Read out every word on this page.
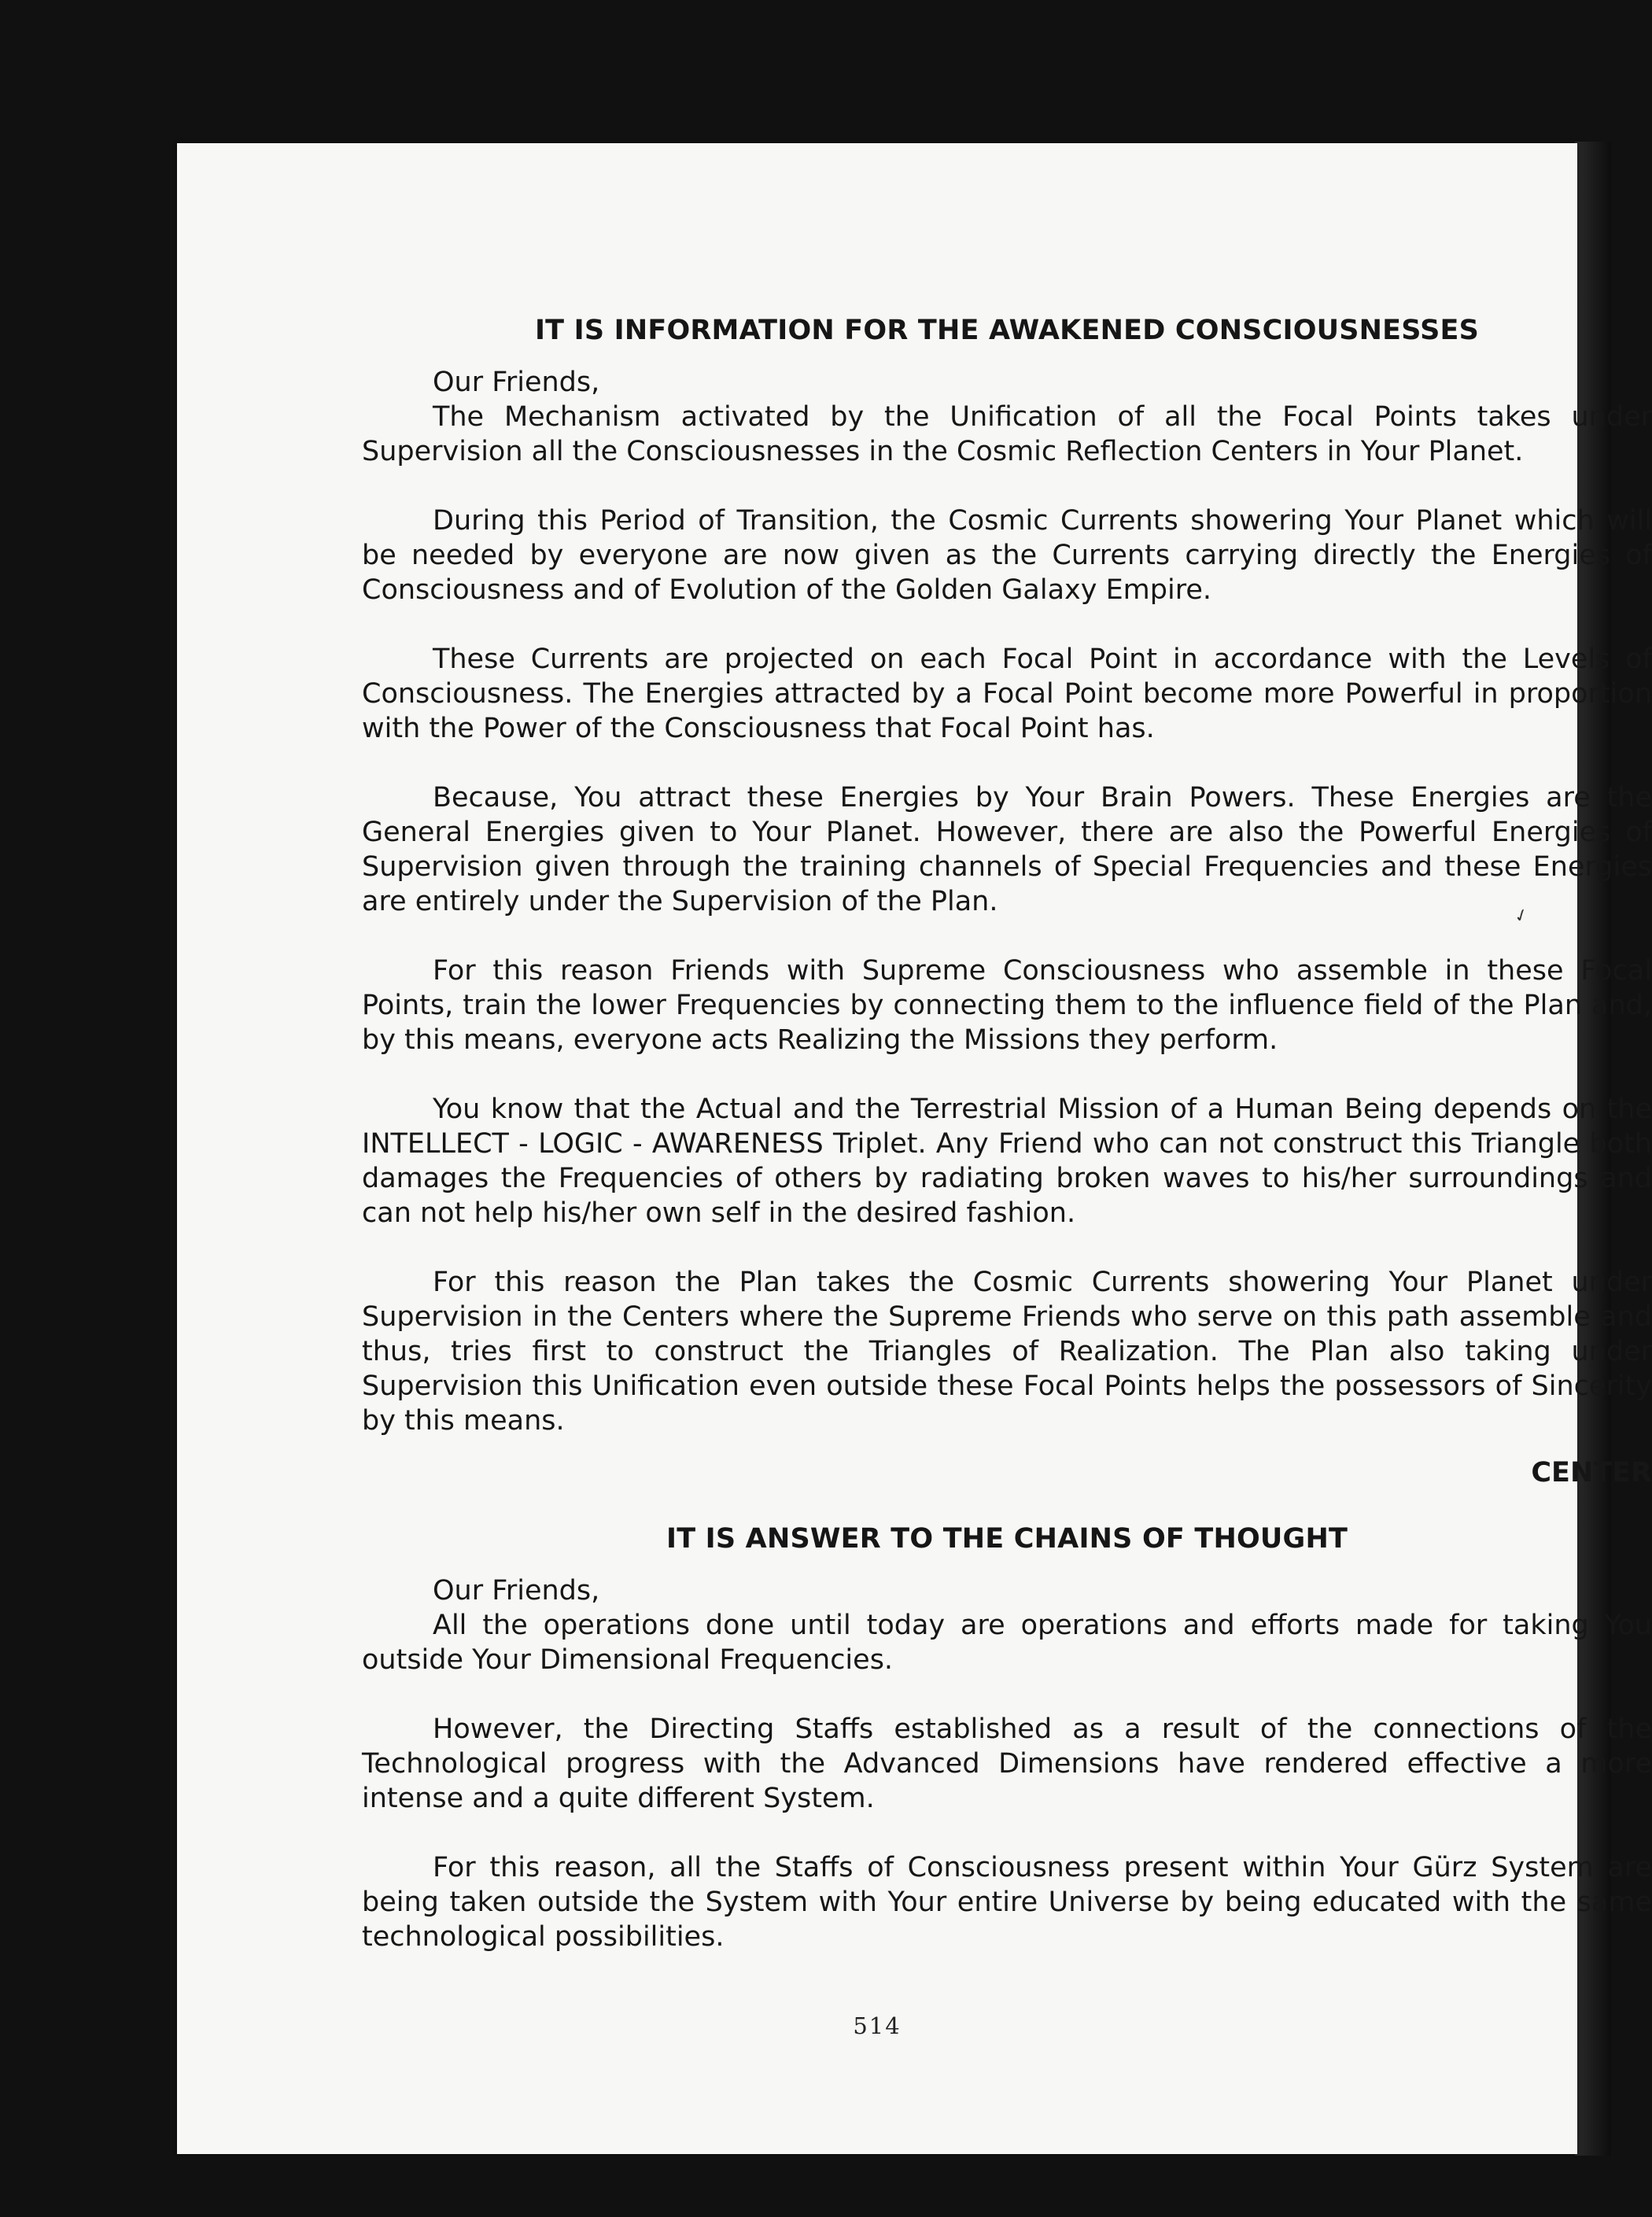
✓
IT IS INFORMATION FOR THE AWAKENED CONSCIOUSNESSES
Our Friends,

The Mechanism activated by the Unification of all the Focal Points takes under Supervision all the Consciousnesses in the Cosmic Reflection Centers in Your Planet.

During this Period of Transition, the Cosmic Currents showering Your Planet which will be needed by everyone are now given as the Currents carrying directly the Energies of Consciousness and of Evolution of the Golden Galaxy Empire.

These Currents are projected on each Focal Point in accordance with the Levels of Consciousness. The Energies attracted by a Focal Point become more Powerful in proportion with the Power of the Consciousness that Focal Point has.

Because, You attract these Energies by Your Brain Powers. These Energies are the General Energies given to Your Planet. However, there are also the Powerful Energies of Supervision given through the training channels of Special Frequencies and these Energies are entirely under the Supervision of the Plan.

For this reason Friends with Supreme Consciousness who assemble in these Focal Points, train the lower Frequencies by connecting them to the influence field of the Plan and, by this means, everyone acts Realizing the Missions they perform.

You know that the Actual and the Terrestrial Mission of a Human Being depends on the INTELLECT - LOGIC - AWARENESS Triplet. Any Friend who can not construct this Triangle both damages the Frequencies of others by radiating broken waves to his/her surroundings and can not help his/her own self in the desired fashion.

For this reason the Plan takes the Cosmic Currents showering Your Planet under Supervision in the Centers where the Supreme Friends who serve on this path assemble and thus, tries first to construct the Triangles of Realization. The Plan also taking under Supervision this Unification even outside these Focal Points helps the possessors of Sincerity by this means.

CENTER
IT IS ANSWER TO THE CHAINS OF THOUGHT
Our Friends,

All the operations done until today are operations and efforts made for taking You outside Your Dimensional Frequencies.

However, the Directing Staffs established as a result of the connections of the Technological progress with the Advanced Dimensions have rendered effective a more intense and a quite different System.

For this reason, all the Staffs of Consciousness present within Your Gürz System are being taken outside the System with Your entire Universe by being educated with the same technological possibilities.

514
